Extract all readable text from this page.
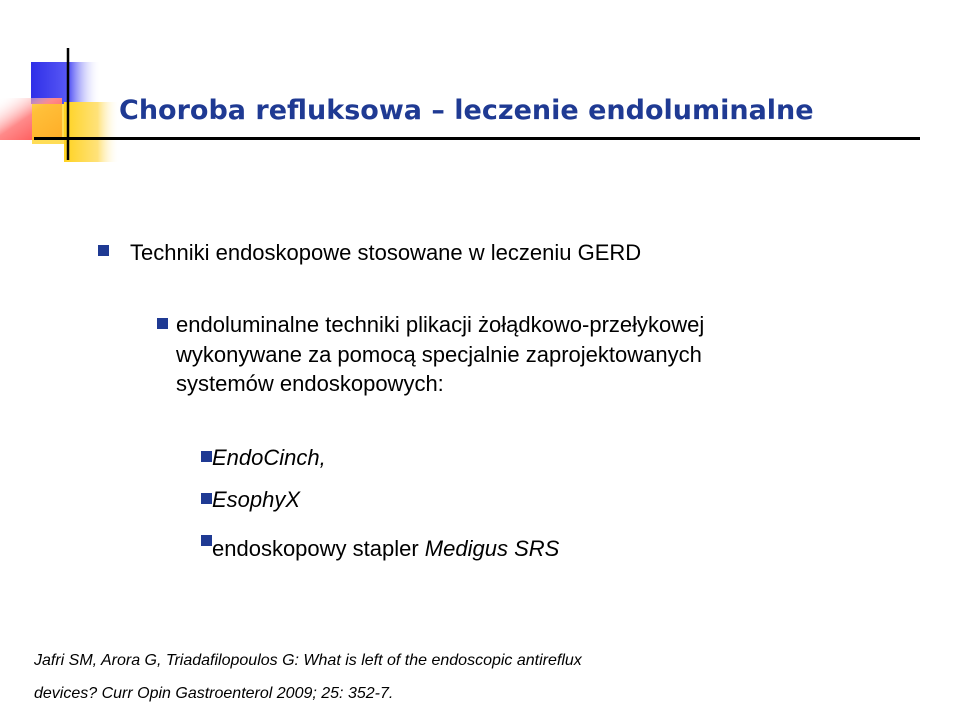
Choroba refluksowa – leczenie endoluminalne
Techniki endoskopowe stosowane w leczeniu GERD
endoluminalne techniki plikacji żołądkowo-przełykowej
wykonywane za pomocą specjalnie zaprojektowanych
systemów endoskopowych:
EndoCinch,
EsophyX
endoskopowy stapler Medigus SRS
Jafri SM, Arora G, Triadafilopoulos G: What is left of the endoscopic antireflux
devices? Curr Opin Gastroenterol 2009; 25: 352-7.
